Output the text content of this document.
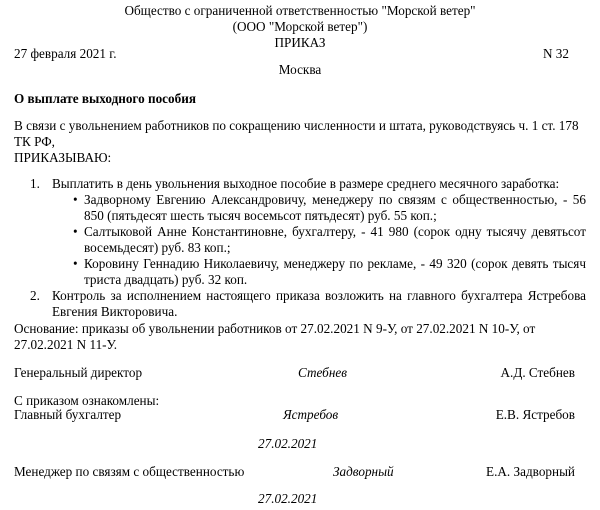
Общество с ограниченной ответственностью "Морской ветер"
(ООО "Морской ветер")
ПРИКАЗ
27 февраля 2021 г.	N 32
Москва
О выплате выходного пособия
В связи с увольнением работников по сокращению численности и штата, руководствуясь ч. 1 ст. 178 ТК РФ,
ПРИКАЗЫВАЮ:
1. Выплатить в день увольнения выходное пособие в размере среднего месячного заработка:
• Задворному Евгению Александровичу, менеджеру по связям с общественностью, - 56 850 (пятьдесят шесть тысяч восемьсот пятьдесят) руб. 55 коп.;
• Салтыковой Анне Константиновне, бухгалтеру, - 41 980 (сорок одну тысячу девятьсот восемьдесят) руб. 83 коп.;
• Коровину Геннадию Николаевичу, менеджеру по рекламе, - 49 320 (сорок девять тысяч триста двадцать) руб. 32 коп.
2. Контроль за исполнением настоящего приказа возложить на главного бухгалтера Ястребова Евгения Викторовича.
Основание: приказы об увольнении работников от 27.02.2021 N 9-У, от 27.02.2021 N 10-У, от 27.02.2021 N 11-У.
Генеральный директор	Стебнев	А.Д. Стебнев
С приказом ознакомлены:
Главный бухгалтер	Ястребов	Е.В. Ястребов
27.02.2021
Менеджер по связям с общественностью	Задворный	Е.А. Задворный
27.02.2021
